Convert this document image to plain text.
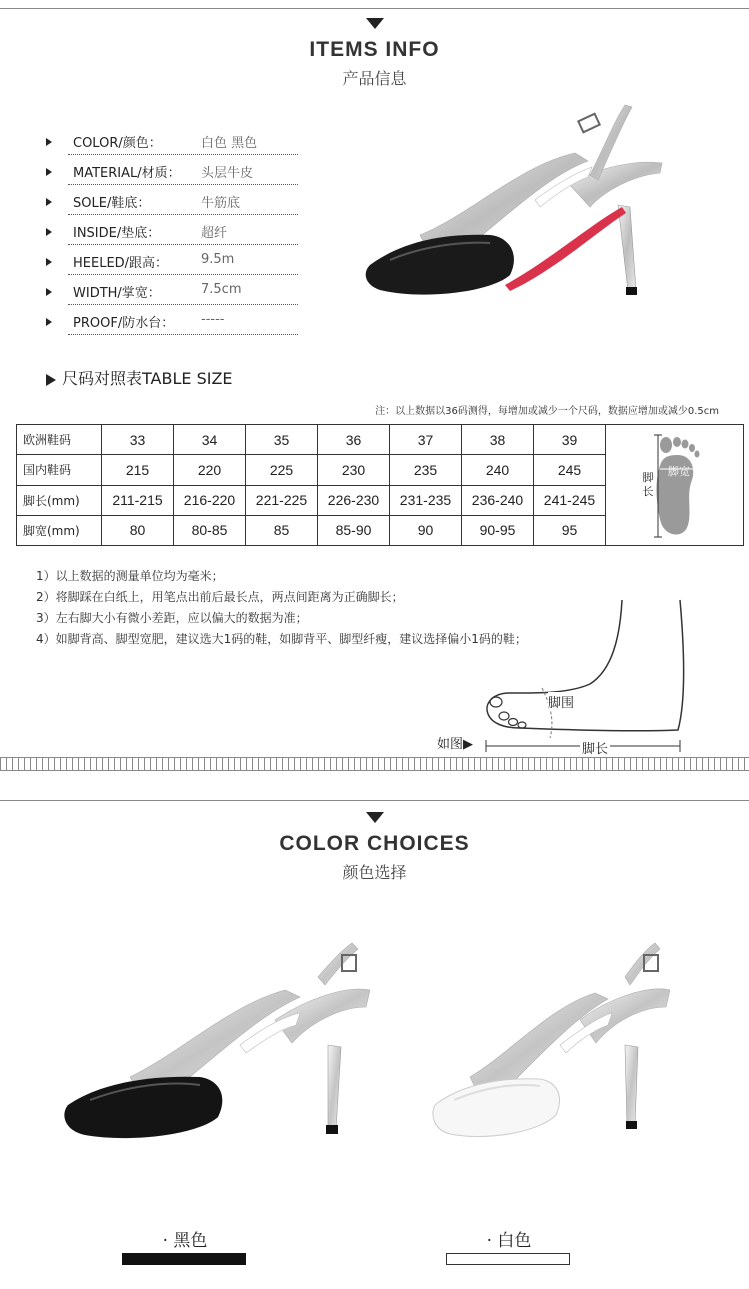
ITEMS INFO
产品信息
COLOR/颜色：	白色 黑色
MATERIAL/材质： 头层牛皮
SOLE/鞋底：	牛筋底
INSIDE/垫底：	超纤
HEELED/跟高：	9.5m
WIDTH/掌宽：	7.5cm
PROOF/防水台： -----
尺码对照表TABLE SIZE
注：以上数据以36码测得，每增加或减少一个尺码，数据应增加或减少0.5cm
欧洲鞋码	33	34	35	36	37	38	39	脚长
脚宽

国内鞋码	215	220	225	230	235	240	245	
脚长(mm)	211-215	216-220	221-225	226-230	231-235	236-240	241-245	
脚宽(mm)	80	80-85	85	85-90	90	90-95	95	
1）以上数据的测量单位均为毫米；
2）将脚踩在白纸上，用笔点出前后最长点，两点间距离为正确脚长；
3）左右脚大小有微小差距，应以偏大的数据为准；
4）如脚背高、脚型宽肥，建议选大1码的鞋，如脚背平、脚型纤瘦，建议选择偏小1码的鞋；
脚围
脚长
如图▶
COLOR CHOICES
颜色选择
· 黑色	· 白色
